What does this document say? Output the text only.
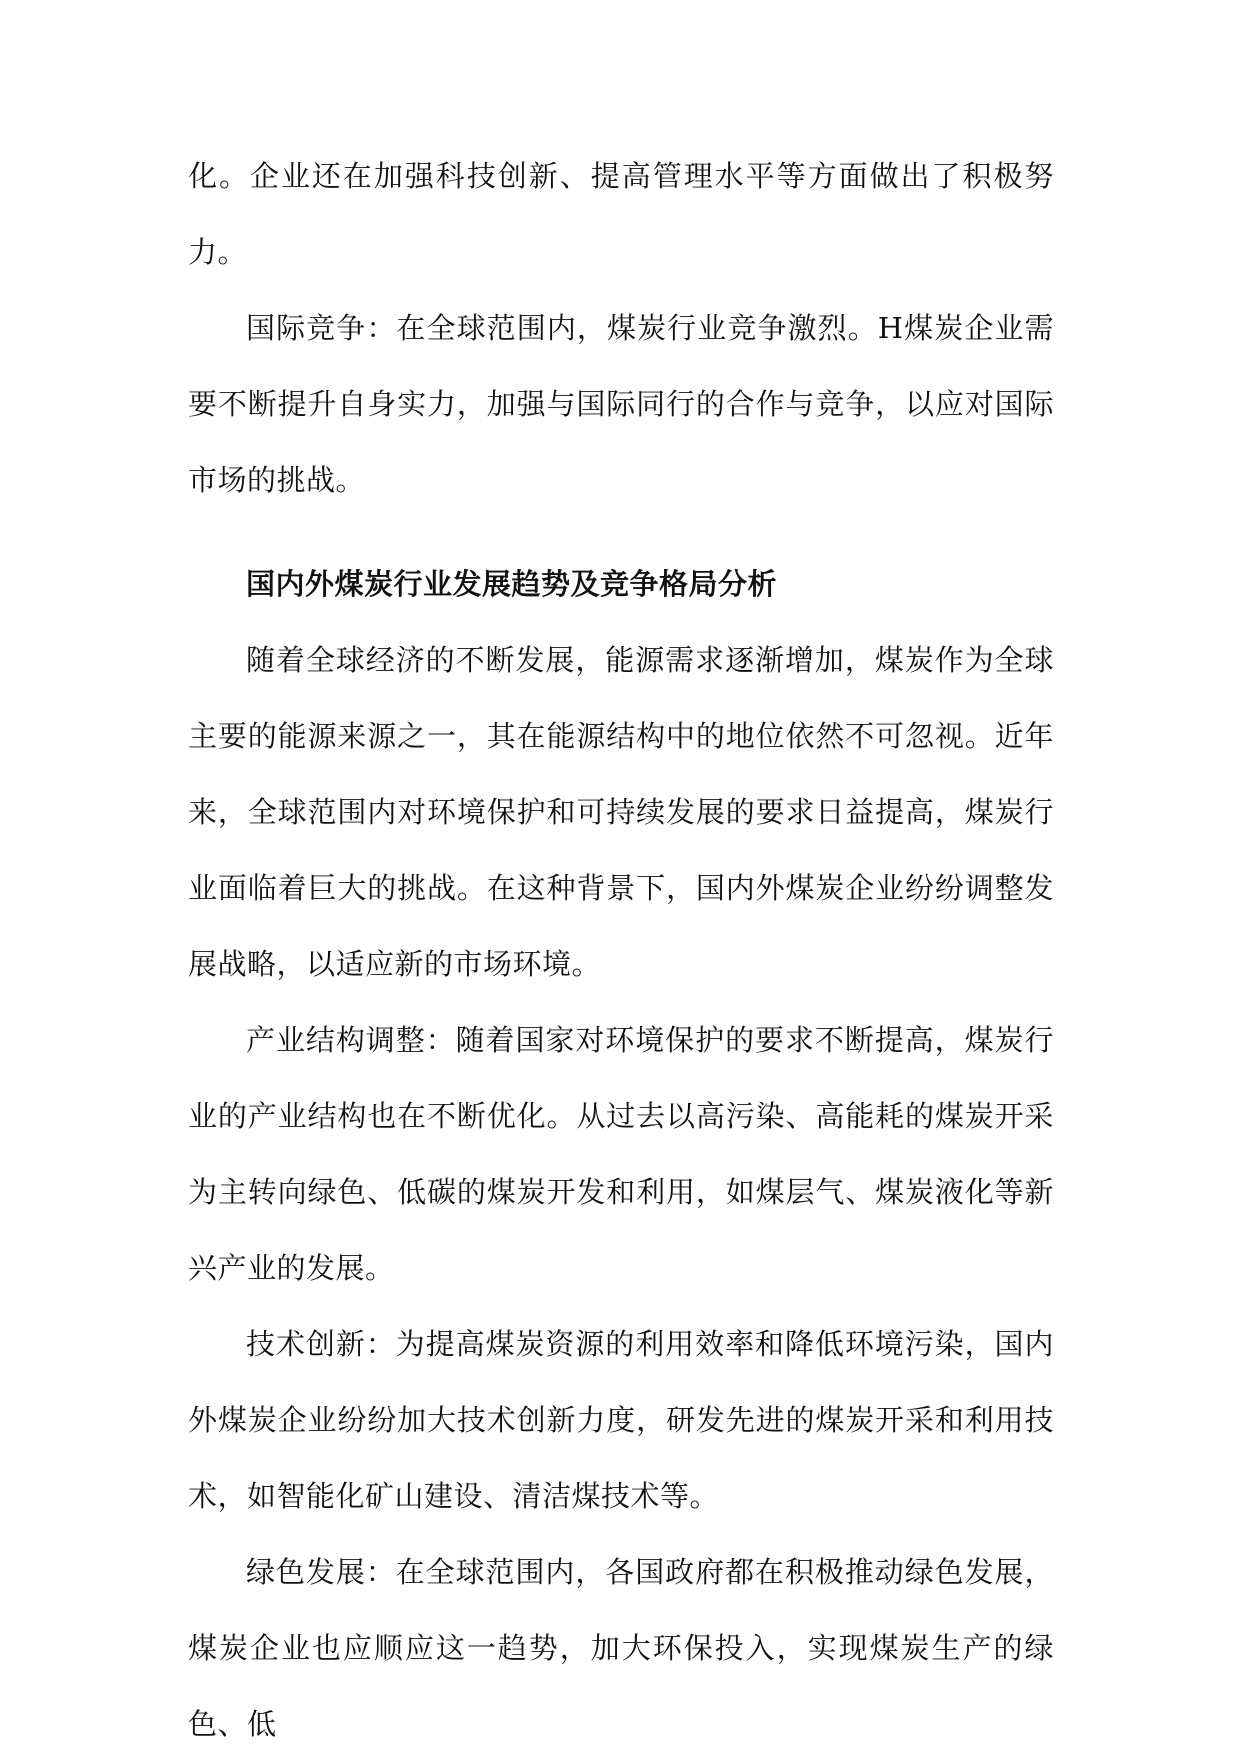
化。企业还在加强科技创新、提高管理水平等方面做出了积极努力。

国际竞争：在全球范围内，煤炭行业竞争激烈。H煤炭企业需要不断提升自身实力，加强与国际同行的合作与竞争，以应对国际市场的挑战。

国内外煤炭行业发展趋势及竞争格局分析

随着全球经济的不断发展，能源需求逐渐增加，煤炭作为全球主要的能源来源之一，其在能源结构中的地位依然不可忽视。近年来，全球范围内对环境保护和可持续发展的要求日益提高，煤炭行业面临着巨大的挑战。在这种背景下，国内外煤炭企业纷纷调整发展战略，以适应新的市场环境。

产业结构调整：随着国家对环境保护的要求不断提高，煤炭行业的产业结构也在不断优化。从过去以高污染、高能耗的煤炭开采为主转向绿色、低碳的煤炭开发和利用，如煤层气、煤炭液化等新兴产业的发展。

技术创新：为提高煤炭资源的利用效率和降低环境污染，国内外煤炭企业纷纷加大技术创新力度，研发先进的煤炭开采和利用技术，如智能化矿山建设、清洁煤技术等。

绿色发展：在全球范围内，各国政府都在积极推动绿色发展，煤炭企业也应顺应这一趋势，加大环保投入，实现煤炭生产的绿色、低
